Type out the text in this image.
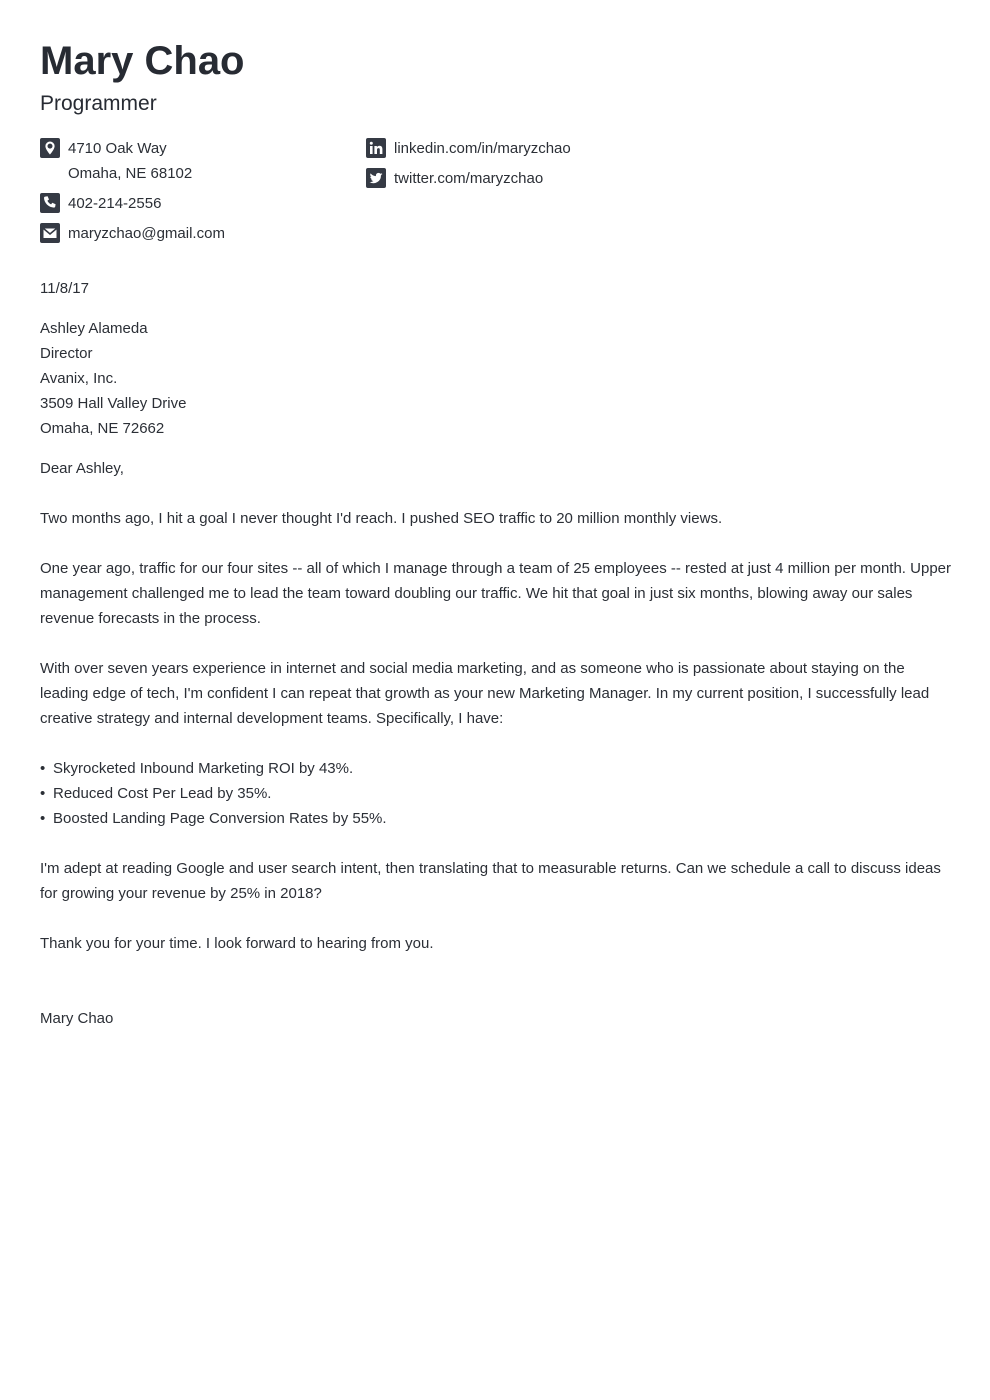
Mary Chao
Programmer
4710 Oak Way
Omaha, NE 68102
402-214-2556
maryzchao@gmail.com
linkedin.com/in/maryzchao
twitter.com/maryzchao
11/8/17
Ashley Alameda
Director
Avanix, Inc.
3509 Hall Valley Drive
Omaha, NE 72662
Dear Ashley,

Two months ago, I hit a goal I never thought I'd reach. I pushed SEO traffic to 20 million monthly views.

One year ago, traffic for our four sites -- all of which I manage through a team of 25 employees -- rested at just 4 million per month. Upper management challenged me to lead the team toward doubling our traffic. We hit that goal in just six months, blowing away our sales revenue forecasts in the process.

With over seven years experience in internet and social media marketing, and as someone who is passionate about staying on the leading edge of tech, I'm confident I can repeat that growth as your new Marketing Manager. In my current position, I successfully lead creative strategy and internal development teams. Specifically, I have:

• Skyrocketed Inbound Marketing ROI by 43%.
• Reduced Cost Per Lead by 35%.
• Boosted Landing Page Conversion Rates by 55%.

I'm adept at reading Google and user search intent, then translating that to measurable returns. Can we schedule a call to discuss ideas for growing your revenue by 25% in 2018?

Thank you for your time. I look forward to hearing from you.

Mary Chao
